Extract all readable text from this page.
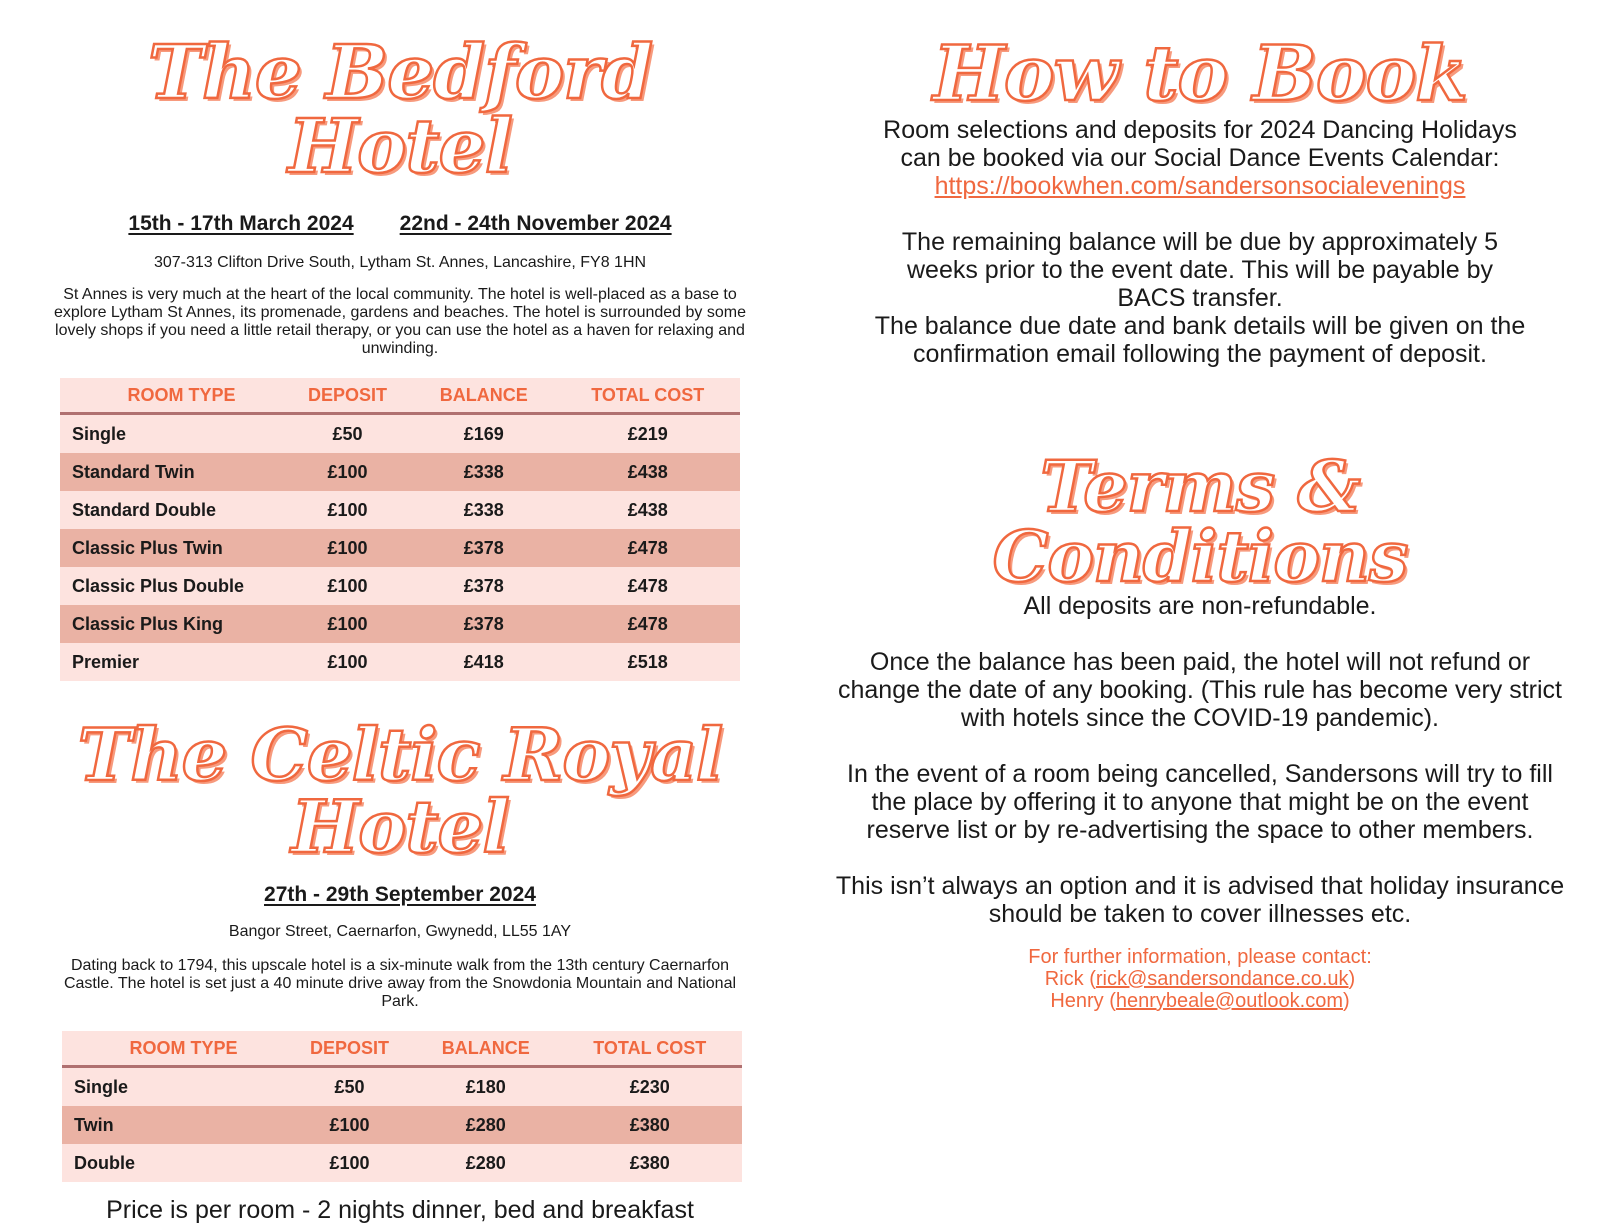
The Bedford Hotel
15th - 17th March 2024 22nd - 24th November 2024
307-313 Clifton Drive South, Lytham St. Annes, Lancashire, FY8 1HN
St Annes is very much at the heart of the local community. The hotel is well-placed as a base to explore Lytham St Annes, its promenade, gardens and beaches. The hotel is surrounded by some lovely shops if you need a little retail therapy, or you can use the hotel as a haven for relaxing and unwinding.
ROOM TYPE	DEPOSIT	BALANCE	TOTAL COST
Single	£50	£169	£219
Standard Twin	£100	£338	£438
Standard Double	£100	£338	£438
Classic Plus Twin	£100	£378	£478
Classic Plus Double	£100	£378	£478
Classic Plus King	£100	£378	£478
Premier	£100	£418	£518
The Celtic Royal Hotel
27th - 29th September 2024
Bangor Street, Caernarfon, Gwynedd, LL55 1AY
Dating back to 1794, this upscale hotel is a six-minute walk from the 13th century Caernarfon Castle. The hotel is set just a 40 minute drive away from the Snowdonia Mountain and National Park.
ROOM TYPE	DEPOSIT	BALANCE	TOTAL COST
Single	£50	£180	£230
Twin	£100	£280	£380
Double	£100	£280	£380
Price is per room - 2 nights dinner, bed and breakfast
How to Book

Room selections and deposits for 2024 Dancing Holidays can be booked via our Social Dance Events Calendar:

https://bookwhen.com/sandersonsocialevenings

The remaining balance will be due by approximately 5 weeks prior to the event date. This will be payable by BACS transfer.

The balance due date and bank details will be given on the confirmation email following the payment of deposit.

Terms & Conditions

All deposits are non-refundable.

Once the balance has been paid, the hotel will not refund or change the date of any booking. (This rule has become very strict with hotels since the COVID-19 pandemic).

In the event of a room being cancelled, Sandersons will try to fill the place by offering it to anyone that might be on the event reserve list or by re-advertising the space to other members.

This isn’t always an option and it is advised that holiday insurance should be taken to cover illnesses etc.

For further information, please contact:
Rick (rick@sandersondance.co.uk)
Henry (henrybeale@outlook.com)
